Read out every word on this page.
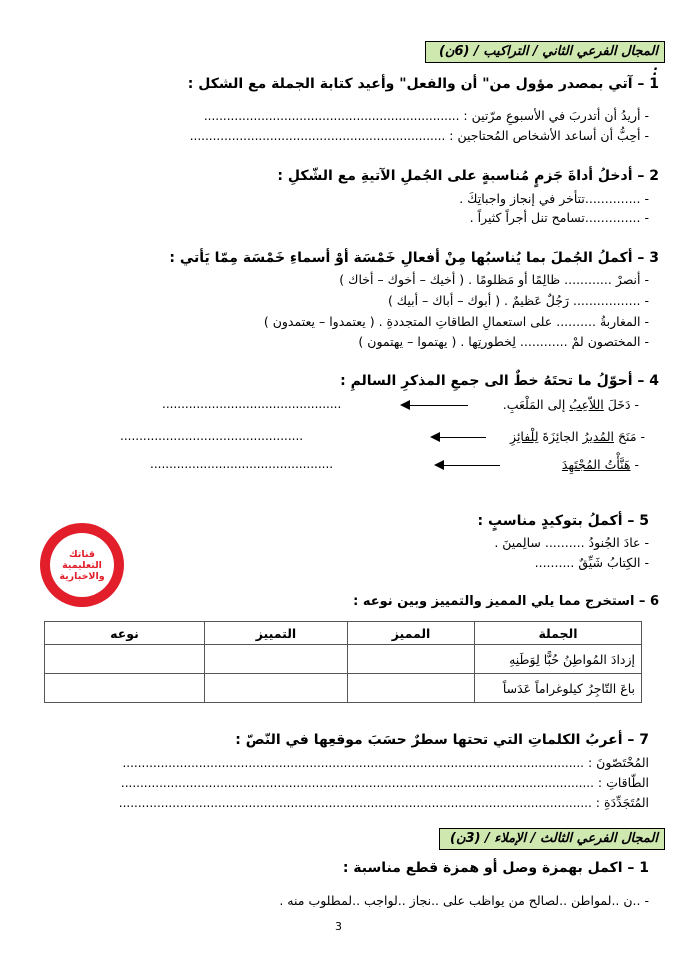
المجال الفرعي الثاني / التراكيب / (6ن) :
1 – آتي بمصدر مؤول من" أن والفعل" وأعيد كتابة الجملة مع الشكل :
- أريدُ أن أتدربَ في الأسبوعِ مرّتين : ...................................................................
- أحِبُّ أن أساعد الأشخاص المُحتاجين : ...................................................................
2 – أدخلُ أداةَ جَزمٍ مُناسبةٍ على الجُملِ الآتيةِ مع الشّكلِ :
- ..............تتأخر في إنجاز واجباتِكَ .
- ..............تسامح تنل أجراً كثيراً .
3 – أكملُ الجُملَ بما يُناسبُها مِنْ أفعالِ خَمْسَة أوْ أسماءِ خَمْسَة مِمّا يَأتي :
- أنصرْ ............ ظالِمًا أو مَظلومًا . ( أخيك – أخوك – أخاك )
- ................. رَجُلٌ عَظيمٌ . ( أبوك – أباك – أبيك )
- المغاربةُ .......... على استعمالِ الطاقاتِ المتجددةِ . ( يعتمدوا – يعتمدون )
- المختصون لمْ ............ لِخطورتِها . ( يهتموا – يهتمون )
4 – أحوّلُ ما تحتَهُ خطٌ الى جمعِ المذكرِ السالمِ :
- دَخَلَ اللاّعِبُ إلى المَلْعَبِ.
...............................................
- مَنَحَ المُديرُ الجائِزَةَ لِلْفائِزِ
................................................
- هَنَّأْتُ المُجْتَهِدَ
................................................
5 – أكملُ بتوكيدٍ مناسبٍ :
- عادَ الجُنودُ .......... سالِمينَ .
- الكِتابُ شَيِّقٌ ..........
قناتك
التعليمية
والاخبارية
6 – استخرج مما يلي المميز والتمييز وبين نوعه :
الجملة	المميز	التمييز	نوعه
إزدادَ المُواطِنُ حُبًّا لِوَطَنِهِ			
باعَ التّاجِرُ كيلوغراماً عَدَساً			
7 – أعربُ الكلماتِ التي تحتها سطرٌ حسَبَ موقعِها في النّصّ :
المُخْتَصّونَ : .........................................................................................................................
الطّاقاتِ : ............................................................................................................................
المُتَجَدِّدَةِ : ............................................................................................................................
المجال الفرعي الثالث / الإملاء / (3ن)
1 – اكمل بهمزة وصل أو همزة قطع مناسبة :
- ..ن ..لمواطن ..لصالح من يواظب على ..نجاز ..لواجب ..لمطلوب منه .
3
